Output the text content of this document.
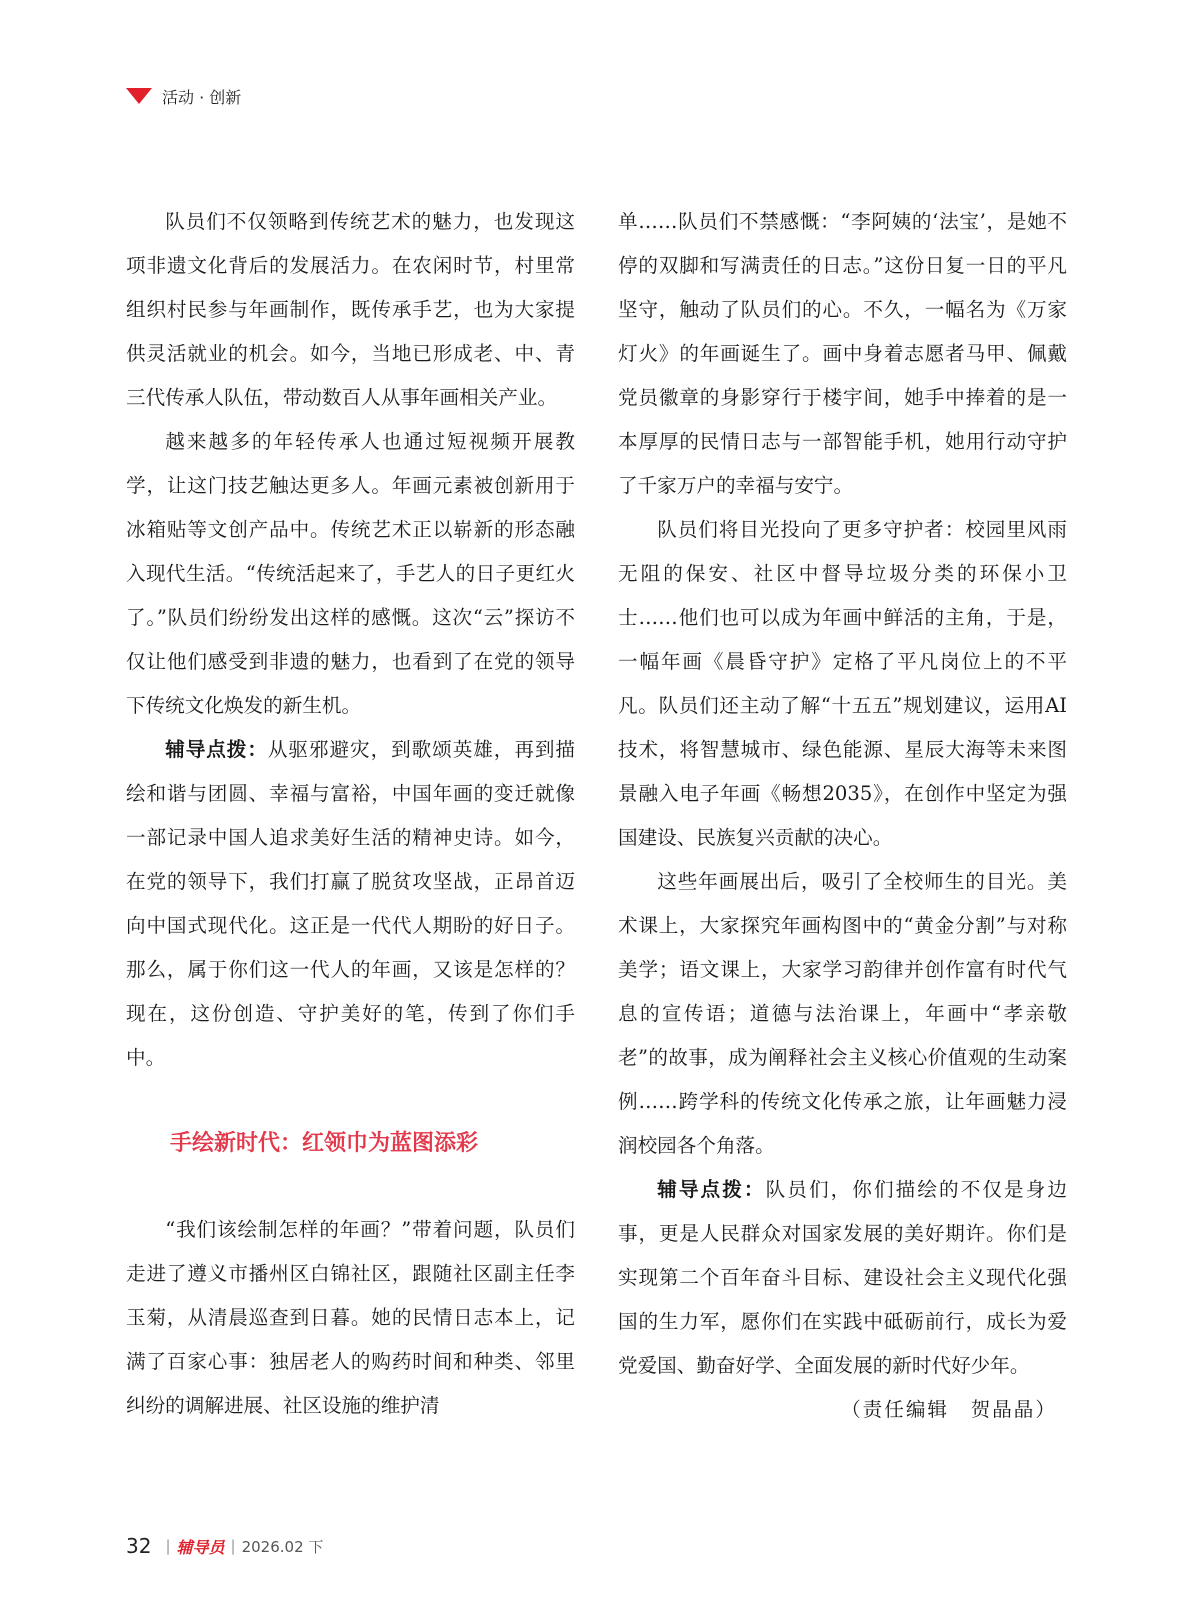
活动 · 创新

队员们不仅领略到传统艺术的魅力，也发现这项非遗文化背后的发展活力。在农闲时节，村里常组织村民参与年画制作，既传承手艺，也为大家提供灵活就业的机会。如今，当地已形成老、中、青三代传承人队伍，带动数百人从事年画相关产业。

越来越多的年轻传承人也通过短视频开展教学，让这门技艺触达更多人。年画元素被创新用于冰箱贴等文创产品中。传统艺术正以崭新的形态融入现代生活。“传统活起来了，手艺人的日子更红火了。”队员们纷纷发出这样的感慨。这次“云”探访不仅让他们感受到非遗的魅力，也看到了在党的领导下传统文化焕发的新生机。

辅导点拨：从驱邪避灾，到歌颂英雄，再到描绘和谐与团圆、幸福与富裕，中国年画的变迁就像一部记录中国人追求美好生活的精神史诗。如今，在党的领导下，我们打赢了脱贫攻坚战，正昂首迈向中国式现代化。这正是一代代人期盼的好日子。那么，属于你们这一代人的年画，又该是怎样的？现在，这份创造、守护美好的笔，传到了你们手中。

手绘新时代：红领巾为蓝图添彩

“我们该绘制怎样的年画？”带着问题，队员们走进了遵义市播州区白锦社区，跟随社区副主任李玉菊，从清晨巡查到日暮。她的民情日志本上，记满了百家心事：独居老人的购药时间和种类、邻里纠纷的调解进展、社区设施的维护清

单……队员们不禁感慨：“李阿姨的‘法宝’，是她不停的双脚和写满责任的日志。”这份日复一日的平凡坚守，触动了队员们的心。不久，一幅名为《万家灯火》的年画诞生了。画中身着志愿者马甲、佩戴党员徽章的身影穿行于楼宇间，她手中捧着的是一本厚厚的民情日志与一部智能手机，她用行动守护了千家万户的幸福与安宁。

队员们将目光投向了更多守护者：校园里风雨无阻的保安、社区中督导垃圾分类的环保小卫士……他们也可以成为年画中鲜活的主角，于是，一幅年画《晨昏守护》定格了平凡岗位上的不平凡。队员们还主动了解“十五五”规划建议，运用AI技术，将智慧城市、绿色能源、星辰大海等未来图景融入电子年画《畅想2035》，在创作中坚定为强国建设、民族复兴贡献的决心。

这些年画展出后，吸引了全校师生的目光。美术课上，大家探究年画构图中的“黄金分割”与对称美学；语文课上，大家学习韵律并创作富有时代气息的宣传语；道德与法治课上，年画中“孝亲敬老”的故事，成为阐释社会主义核心价值观的生动案例……跨学科的传统文化传承之旅，让年画魅力浸润校园各个角落。

辅导点拨：队员们，你们描绘的不仅是身边事，更是人民群众对国家发展的美好期许。你们是实现第二个百年奋斗目标、建设社会主义现代化强国的生力军，愿你们在实践中砥砺前行，成长为爱党爱国、勤奋好学、全面发展的新时代好少年。

（责任编辑　贺晶晶）
32 | 辅导员 | 2026.02 下
